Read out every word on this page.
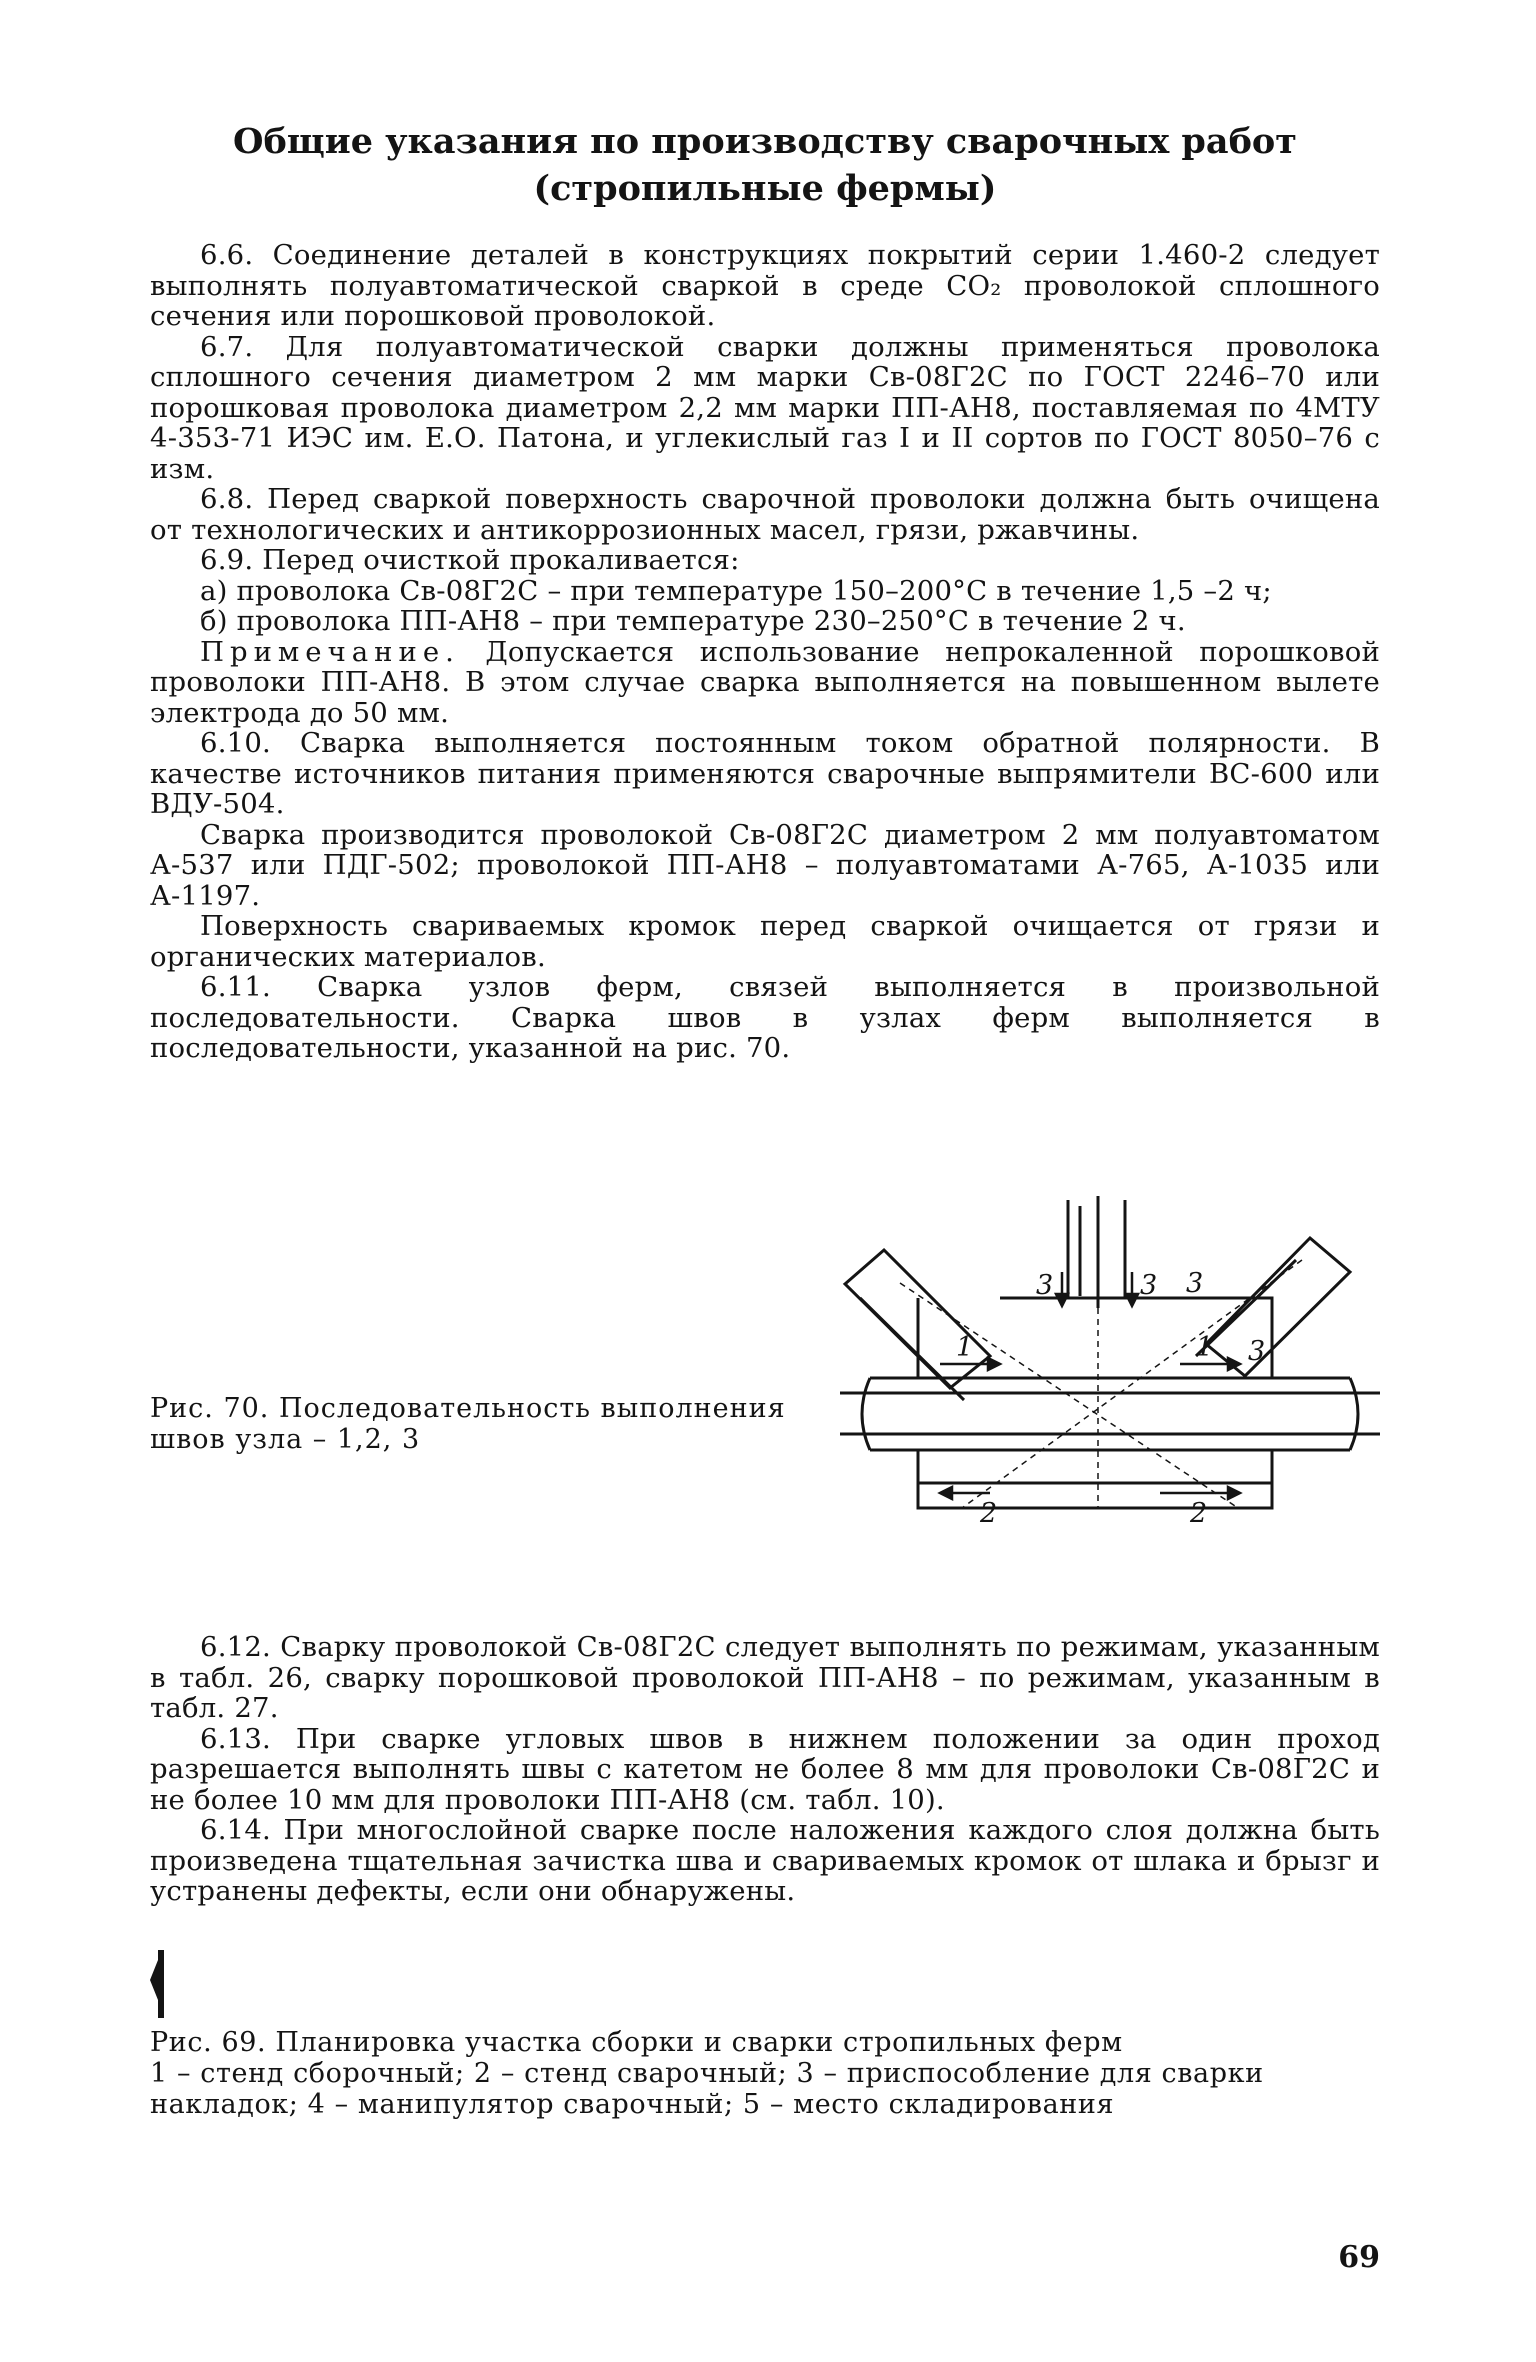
Общие указания по производству сварочных работ
(стропильные фермы)

6.6. Соединение деталей в конструкциях покрытий серии 1.460-2 следует выполнять полуавтоматической сваркой в среде CO₂ проволокой сплошного сечения или порошковой проволокой.

6.7. Для полуавтоматической сварки должны применяться проволока сплошного сечения диаметром 2 мм марки Св-08Г2С по ГОСТ 2246–70 или порошковая проволока диаметром 2,2 мм марки ПП-АН8, поставляемая по 4МТУ 4-353-71 ИЭС им. Е.О. Патона, и углекислый газ I и II сортов по ГОСТ 8050–76 с изм.

6.8. Перед сваркой поверхность сварочной проволоки должна быть очищена от технологических и антикоррозионных масел, грязи, ржавчины.

6.9. Перед очисткой прокаливается:

а) проволока Св-08Г2С – при температуре 150–200°С в течение 1,5 –2 ч;

б) проволока ПП-АН8 – при температуре 230–250°С в течение 2 ч.

Примечание. Допускается использование непрокаленной порошковой проволоки ПП-АН8. В этом случае сварка выполняется на повышенном вылете электрода до 50 мм.

6.10. Сварка выполняется постоянным током обратной полярности. В качестве источников питания применяются сварочные выпрямители ВС-600 или ВДУ-504.

Сварка производится проволокой Св-08Г2С диаметром 2 мм полуавтоматом А-537 или ПДГ-502; проволокой ПП-АН8 – полуавтоматами А-765, А-1035 или А-1197.

Поверхность свариваемых кромок перед сваркой очищается от грязи и органических материалов.

6.11. Сварка узлов ферм, связей выполняется в произвольной последовательности. Сварка швов в узлах ферм выполняется в последовательности, указанной на рис. 70.

Рис. 70. Последовательность выполнения швов узла – 1,2, 3
1	1
2	2
3	3 3
3

6.12. Сварку проволокой Св-08Г2С следует выполнять по режимам, указанным в табл. 26, сварку порошковой проволокой ПП-АН8 – по режимам, указанным в табл. 27.

6.13. При сварке угловых швов в нижнем положении за один проход разрешается выполнять швы с катетом не более 8 мм для проволоки Св-08Г2С и не более 10 мм для проволоки ПП-АН8 (см. табл. 10).

6.14. При многослойной сварке после наложения каждого слоя должна быть произведена тщательная зачистка шва и свариваемых кромок от шлака и брызг и устранены дефекты, если они обнаружены.

Рис. 69. Планировка участка сборки и сварки стропильных ферм
1 – стенд сборочный; 2 – стенд сварочный; 3 – приспособление для сварки накладок; 4 – манипулятор сварочный; 5 – место складирования
69
